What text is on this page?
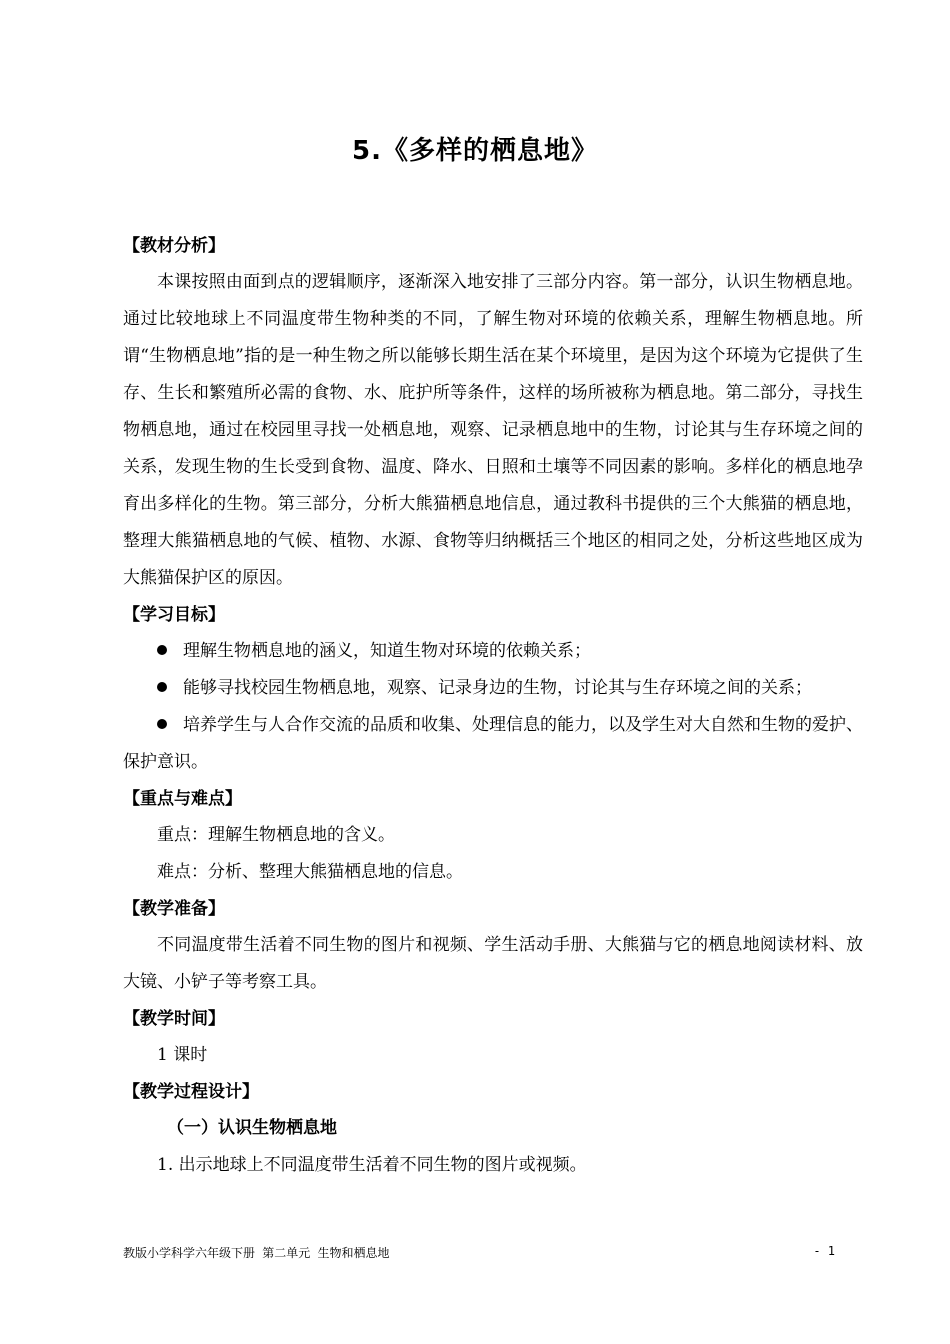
5.《多样的栖息地》
【教材分析】

本课按照由面到点的逻辑顺序，逐渐深入地安排了三部分内容。第一部分，认识生物栖息地。通过比较地球上不同温度带生物种类的不同，了解生物对环境的依赖关系，理解生物栖息地。所谓“生物栖息地”指的是一种生物之所以能够长期生活在某个环境里，是因为这个环境为它提供了生存、生长和繁殖所必需的食物、水、庇护所等条件，这样的场所被称为栖息地。第二部分，寻找生物栖息地，通过在校园里寻找一处栖息地，观察、记录栖息地中的生物，讨论其与生存环境之间的关系，发现生物的生长受到食物、温度、降水、日照和土壤等不同因素的影响。多样化的栖息地孕育出多样化的生物。第三部分，分析大熊猫栖息地信息，通过教科书提供的三个大熊猫的栖息地，整理大熊猫栖息地的气候、植物、水源、食物等归纳概括三个地区的相同之处，分析这些地区成为大熊猫保护区的原因。

【学习目标】

理解生物栖息地的涵义，知道生物对环境的依赖关系；

能够寻找校园生物栖息地，观察、记录身边的生物，讨论其与生存环境之间的关系；

培养学生与人合作交流的品质和收集、处理信息的能力，以及学生对大自然和生物的爱护、保护意识。

【重点与难点】

重点：理解生物栖息地的含义。

难点：分析、整理大熊猫栖息地的信息。

【教学准备】

不同温度带生活着不同生物的图片和视频、学生活动手册、大熊猫与它的栖息地阅读材料、放大镜、小铲子等考察工具。

【教学时间】

1 课时

【教学过程设计】
（一）认识生物栖息地

1. 出示地球上不同温度带生活着不同生物的图片或视频。

教版小学科学六年级下册 第二单元 生物和栖息地	- 1
